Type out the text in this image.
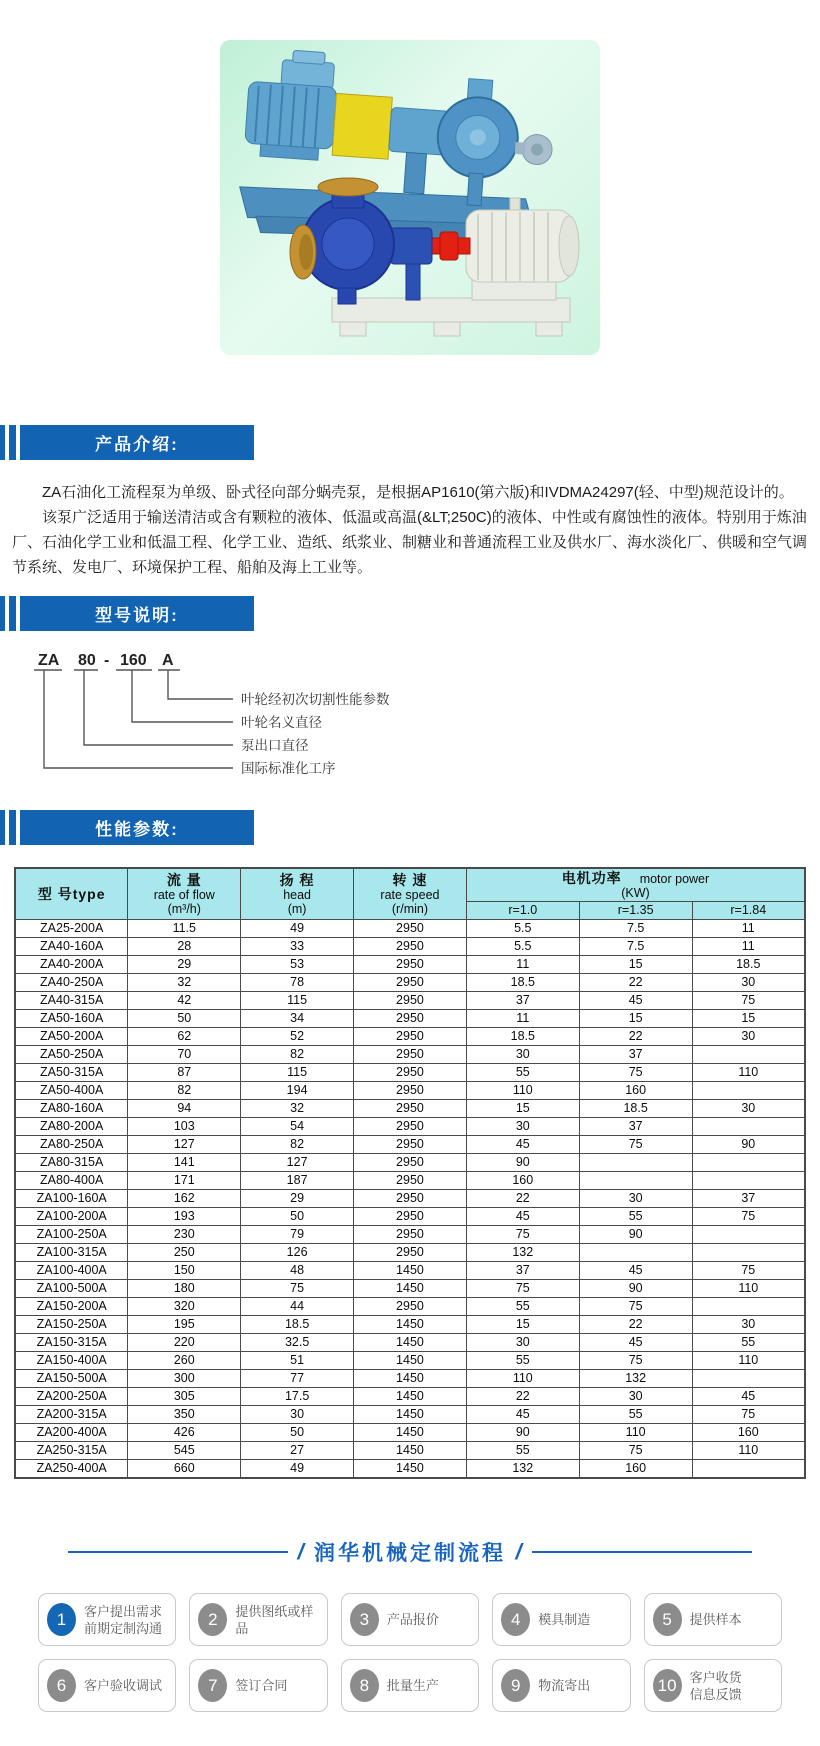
产品介绍:

ZA石油化工流程泵为单级、卧式径向部分蜗壳泵，是根据AP1610(第六版)和IVDMA24297(轻、中型)规范设计的。

该泵广泛适用于输送清洁或含有颗粒的液体、低温或高温(&LT;250C)的液体、中性或有腐蚀性的液体。特别用于炼油厂、石油化学工业和低温工程、化学工业、造纸、纸浆业、制糖业和普通流程工业及供水厂、海水淡化厂、供暖和空气调节系统、发电厂、环境保护工程、船舶及海上工业等。

型号说明:
ZA 80 - 160 A
叶轮经初次切割性能参数
叶轮名义直径
泵出口直径
国际标准化工序
性能参数:
型 号type

流 量
rate of flow
(m³/h)

扬 程
head
(m)

转 速
rate speed
(r/min)

电机功率 motor power
(KW)

				r=1.0	r=1.35	r=1.84
ZA25-200A	11.5	49	2950	5.5	7.5	11
ZA40-160A	28	33	2950	5.5	7.5	11
ZA40-200A	29	53	2950	11	15	18.5
ZA40-250A	32	78	2950	18.5	22	30
ZA40-315A	42	115	2950	37	45	75
ZA50-160A	50	34	2950	11	15	15
ZA50-200A	62	52	2950	18.5	22	30
ZA50-250A	70	82	2950	30	37	
ZA50-315A	87	115	2950	55	75	110
ZA50-400A	82	194	2950	110	160	
ZA80-160A	94	32	2950	15	18.5	30
ZA80-200A	103	54	2950	30	37	
ZA80-250A	127	82	2950	45	75	90
ZA80-315A	141	127	2950	90		
ZA80-400A	171	187	2950	160		
ZA100-160A	162	29	2950	22	30	37
ZA100-200A	193	50	2950	45	55	75
ZA100-250A	230	79	2950	75	90	
ZA100-315A	250	126	2950	132		
ZA100-400A	150	48	1450	37	45	75
ZA100-500A	180	75	1450	75	90	110
ZA150-200A	320	44	2950	55	75	
ZA150-250A	195	18.5	1450	15	22	30
ZA150-315A	220	32.5	1450	30	45	55
ZA150-400A	260	51	1450	55	75	110
ZA150-500A	300	77	1450	110	132	
ZA200-250A	305	17.5	1450	22	30	45
ZA200-315A	350	30	1450	45	55	75
ZA200-400A	426	50	1450	90	110	160
ZA250-315A	545	27	1450	55	75	110
ZA250-400A	660	49	1450	132	160	
/ 润华机械定制流程 /
1	客户提出需求
前期定制沟通	2	提供图纸或样
品	3	产品报价	4	模具制造	5	提供样本
6	客户验收调试	7	签订合同	8	批量生产	9	物流寄出	10	客户收货
信息反馈
